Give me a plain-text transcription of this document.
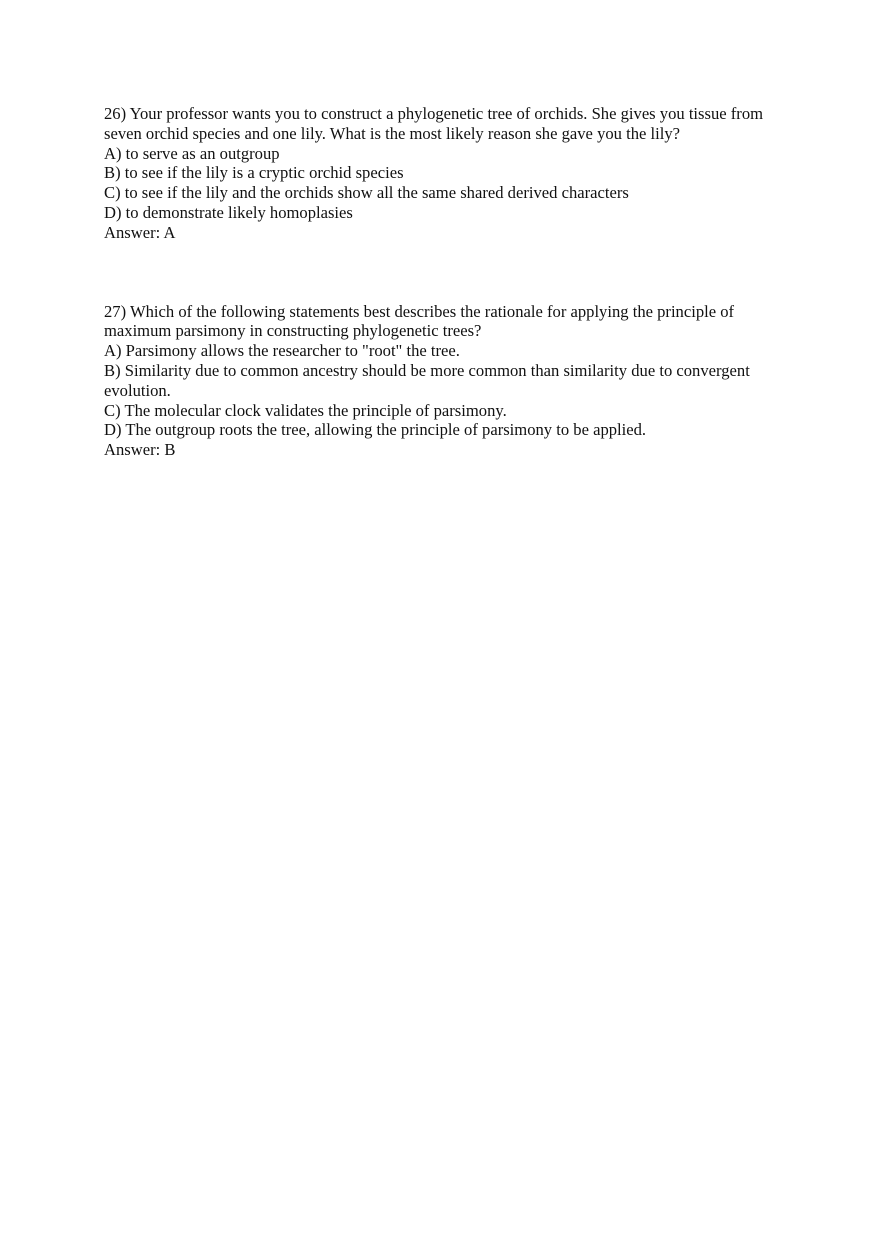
26) Your professor wants you to construct a phylogenetic tree of orchids. She gives you tissue from seven orchid species and one lily. What is the most likely reason she gave you the lily?
A) to serve as an outgroup
B) to see if the lily is a cryptic orchid species
C) to see if the lily and the orchids show all the same shared derived characters
D) to demonstrate likely homoplasies
Answer: A
27) Which of the following statements best describes the rationale for applying the principle of maximum parsimony in constructing phylogenetic trees?
A) Parsimony allows the researcher to "root" the tree.
B) Similarity due to common ancestry should be more common than similarity due to convergent evolution.
C) The molecular clock validates the principle of parsimony.
D) The outgroup roots the tree, allowing the principle of parsimony to be applied.
Answer: B
